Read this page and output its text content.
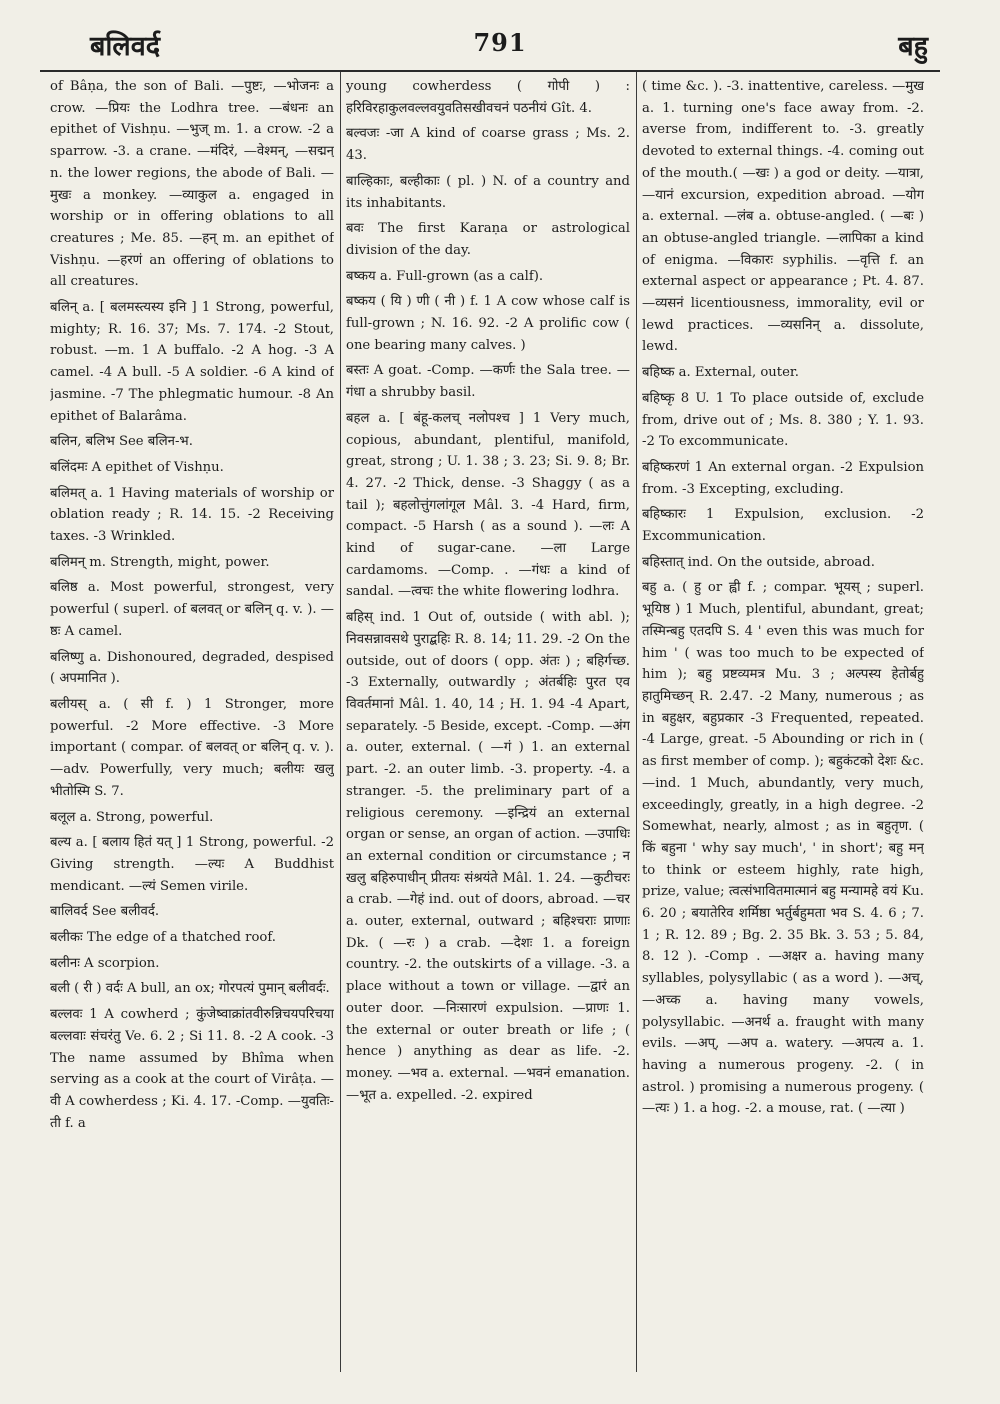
बलिवर्द	791	बहु

of Bâṇa, the son of Bali. —पुष्टः, —भोजनः a crow. —प्रियः the Lodhra tree. —बंधनः an epithet of Vishṇu. —भुज् m. 1. a crow. -2 a sparrow. -3. a crane. —मंदिरं, —वेश्मन्, —सद्मन् n. the lower regions, the abode of Bali. —मुखः a monkey. —व्याकुल a. engaged in worship or in offering oblations to all creatures ; Me. 85. —हन् m. an epithet of Vishṇu. —हरणं an offering of oblations to all creatures.

बलिन् a. [ बलमस्त्यस्य इनि ] 1 Strong, powerful, mighty; R. 16. 37; Ms. 7. 174. -2 Stout, robust. —m. 1 A buffalo. -2 A hog. -3 A camel. -4 A bull. -5 A soldier. -6 A kind of jasmine. -7 The phlegmatic humour. -8 An epithet of Balarâma.

बलिन, बलिभ See बलिन-भ.

बलिंदमः A epithet of Vishṇu.

बलिमत् a. 1 Having materials of worship or oblation ready ; R. 14. 15. -2 Receiving taxes. -3 Wrinkled.

बलिमन् m. Strength, might, power.

बलिष्ठ a. Most powerful, strongest, very powerful ( superl. of बलवत् or बलिन् q. v. ). —ष्ठः A camel.

बलिष्णु a. Dishonoured, degraded, despised ( अपमानित ).

बलीयस् a. ( सी f. ) 1 Stronger, more powerful. -2 More effective. -3 More important ( compar. of बलवत् or बलिन् q. v. ). —adv. Powerfully, very much; बलीयः खलु भीतोस्मि S. 7.

बलूल a. Strong, powerful.

बल्य a. [ बलाय हितं यत् ] 1 Strong, powerful. -2 Giving strength. —ल्यः A Buddhist mendicant. —ल्यं Semen virile.

बालिवर्द See बलीवर्द.

बलीकः The edge of a thatched roof.

बलीनः A scorpion.

बली ( री ) वर्दः A bull, an ox; गोरपत्यं पुमान् बलीवर्दः.

बल्लवः 1 A cowherd ; कुंजेष्वाक्रांतवीरुन्निचयपरिचया बल्लवाः संचरंतु Ve. 6. 2 ; Si 11. 8. -2 A cook. -3 The name assumed by Bhîma when serving as a cook at the court of Virâṭa. —वी A cowherdess ; Ki. 4. 17. -Comp. —युवतिः-ती f. a

young cowherdess ( गोपी ) : हरिविरहाकुलवल्लवयुवतिसखीवचनं पठनीयं Gît. 4.

बल्वजः -जा A kind of coarse grass ; Ms. 2. 43.

बाल्हिकाः, बल्हीकाः ( pl. ) N. of a country and its inhabitants.

बवः The first Karaṇa or astrological division of the day.

बष्कय a. Full-grown (as a calf).

बष्कय ( यि ) णी ( नी ) f. 1 A cow whose calf is full-grown ; N. 16. 92. -2 A prolific cow ( one bearing many calves. )

बस्तः A goat. -Comp. —कर्णः the Sala tree. —गंधा a shrubby basil.

बहल a. [ बंहू-कलच् नलोपश्च ] 1 Very much, copious, abundant, plentiful, manifold, great, strong ; U. 1. 38 ; 3. 23; Si. 9. 8; Br. 4. 27. -2 Thick, dense. -3 Shaggy ( as a tail ); बहलोत्तुंगलांगूल Mâl. 3. -4 Hard, firm, compact. -5 Harsh ( as a sound ). —लः A kind of sugar-cane. —ला Large cardamoms. —Comp. . —गंधः a kind of sandal. —त्वचः the white flowering lodhra.

बहिस् ind. 1 Out of, outside ( with abl. ); निवसन्नावसथे पुराद्बहिः R. 8. 14; 11. 29. -2 On the outside, out of doors ( opp. अंतः ) ; बहिर्गच्छ. -3 Externally, outwardly ; अंतर्बहिः पुरत एव विवर्तमानां Mâl. 1. 40, 14 ; H. 1. 94 -4 Apart, separately. -5 Beside, except. -Comp. —अंग a. outer, external. ( —गं ) 1. an external part. -2. an outer limb. -3. property. -4. a stranger. -5. the preliminary part of a religious ceremony. —इन्द्रियं an external organ or sense, an organ of action. —उपाधिः an external condition or circumstance ; न खलु बहिरुपाधीन् प्रीतयः संश्रयंते Mâl. 1. 24. —कुटीचरः a crab. —गेहं ind. out of doors, abroad. —चर a. outer, external, outward ; बहिश्चराः प्राणाः Dk. ( —रः ) a crab. —देशः 1. a foreign country. -2. the outskirts of a village. -3. a place without a town or village. —द्वारं an outer door. —निःसारणं expulsion. —प्राणः 1. the external or outer breath or life ; ( hence ) anything as dear as life. -2. money. —भव a. external. —भवनं emanation. —भूत a. expelled. -2. expired

( time &c. ). -3. inattentive, careless. —मुख a. 1. turning one's face away from. -2. averse from, indifferent to. -3. greatly devoted to external things. -4. coming out of the mouth.( —खः ) a god or deity. —यात्रा, —यानं excursion, expedition abroad. —योग a. external. —लंब a. obtuse-angled. ( —बः ) an obtuse-angled triangle. —लापिका a kind of enigma. —विकारः syphilis. —वृत्ति f. an external aspect or appearance ; Pt. 4. 87. —व्यसनं licentiousness, immorality, evil or lewd practices. —व्यसनिन् a. dissolute, lewd.

बहिष्क a. External, outer.

बहिष्कृ 8 U. 1 To place outside of, exclude from, drive out of ; Ms. 8. 380 ; Y. 1. 93. -2 To excommunicate.

बहिष्करणं 1 An external organ. -2 Expulsion from. -3 Excepting, excluding.

बहिष्कारः 1 Expulsion, exclusion. -2 Excommunication.

बहिस्तात् ind. On the outside, abroad.

बहु a. ( हु or ह्वी f. ; compar. भूयस् ; superl. भूयिष्ठ ) 1 Much, plentiful, abundant, great; तस्मिन्बहु एतदपि S. 4 ' even this was much for him ' ( was too much to be expected of him ); बहु प्रष्टव्यमत्र Mu. 3 ; अल्पस्य हेतोर्बहु हातुमिच्छन् R. 2.47. -2 Many, numerous ; as in बहुक्षर, बहुप्रकार -3 Frequented, repeated. -4 Large, great. -5 Abounding or rich in ( as first member of comp. ); बहुकंटको देशः &c. —ind. 1 Much, abundantly, very much, exceedingly, greatly, in a high degree. -2 Somewhat, nearly, almost ; as in बहुतृण. ( किं बहुना ' why say much', ' in short'; बहु मन् to think or esteem highly, rate high, prize, value; त्वत्संभावितमात्मानं बहु मन्यामहे वयं Ku. 6. 20 ; बयातेरिव शर्मिष्ठा भर्तुर्बहुमता भव S. 4. 6 ; 7. 1 ; R. 12. 89 ; Bg. 2. 35 Bk. 3. 53 ; 5. 84, 8. 12 ). -Comp . —अक्षर a. having many syllables, polysyllabic ( as a word ). —अच्, —अच्क a. having many vowels, polysyllabic. —अनर्थ a. fraught with many evils. —अप्, —अप a. watery. —अपत्य a. 1. having a numerous progeny. -2. ( in astrol. ) promising a numerous progeny. ( —त्यः ) 1. a hog. -2. a mouse, rat. ( —त्या )
